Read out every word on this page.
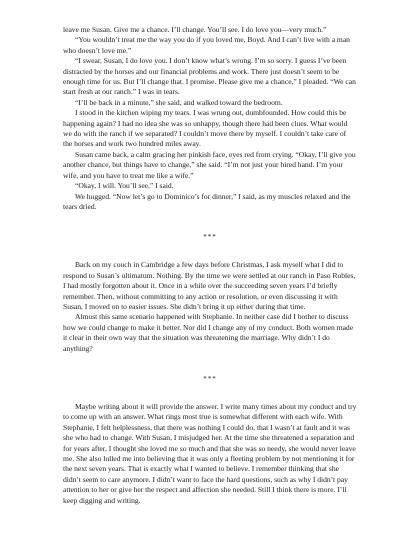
leave me Susan. Give me a chance. I’ll change. You’ll see. I do love you—very much.”

“You wouldn’t treat me the way you do if you loved me, Boyd. And I can’t live with a man who doesn’t love me.”

“I swear, Susan, I do love you. I don’t know what’s wrong. I’m so sorry. I guess I’ve been distracted by the horses and our financial problems and work. There just doesn’t seem to be enough time for us. But I’ll change that. I promise. Please give me a chance,” I pleaded. “We can start fresh at our ranch.” I was in tears.

“I’ll be back in a minute,” she said, and walked toward the bedroom.

I stood in the kitchen wiping my tears. I was wrung out, dumbfounded. How could this be happening again? I had no idea she was so unhappy, though there had been clues. What would we do with the ranch if we separated? I couldn’t move there by myself. I couldn’t take care of the horses and work two hundred miles away.

Susan came back, a calm gracing her pinkish face, eyes red from crying. “Okay, I’ll give you another chance, but things have to change,” she said. “I’m not just your hired hand. I’m your wife, and you have to treat me like a wife.”

“Okay, I will. You’ll see,” I said.

We hugged. “Now let’s go to Dominico’s for dinner,” I said, as my muscles relaxed and the tears dried.

***

Back on my couch in Cambridge a few days before Christmas, I ask myself what I did to respond to Susan’s ultimatum. Nothing. By the time we were settled at our ranch in Paso Robles, I had mostly forgotten about it. Once in a while over the succeeding seven years I’d briefly remember. Then, without committing to any action or resolution, or even discussing it with Susan, I moved on to easier issues. She didn’t bring it up either during that time.

Almost this same scenario happened with Stephanie. In neither case did I bother to discuss how we could change to make it better. Nor did I change any of my conduct. Both women made it clear in their own way that the situation was threatening the marriage. Why didn’t I do anything?

***

Maybe writing about it will provide the answer. I write many times about my conduct and try to come up with an answer. What rings most true is somewhat different with each wife. With Stephanie, I felt helplessness, that there was nothing I could do, that I wasn’t at fault and it was she who had to change. With Susan, I misjudged her. At the time she threatened a separation and for years after, I thought she loved me so much and that she was so needy, she would never leave me. She also lulled me into believing that it was only a fleeting problem by not mentioning it for the next seven years. That is exactly what I wanted to believe. I remember thinking that she didn’t seem to care anymore. I didn’t want to face the hard questions, such as why I didn’t pay attention to her or give her the respect and affection she needed. Still I think there is more. I’ll keep digging and writing.
